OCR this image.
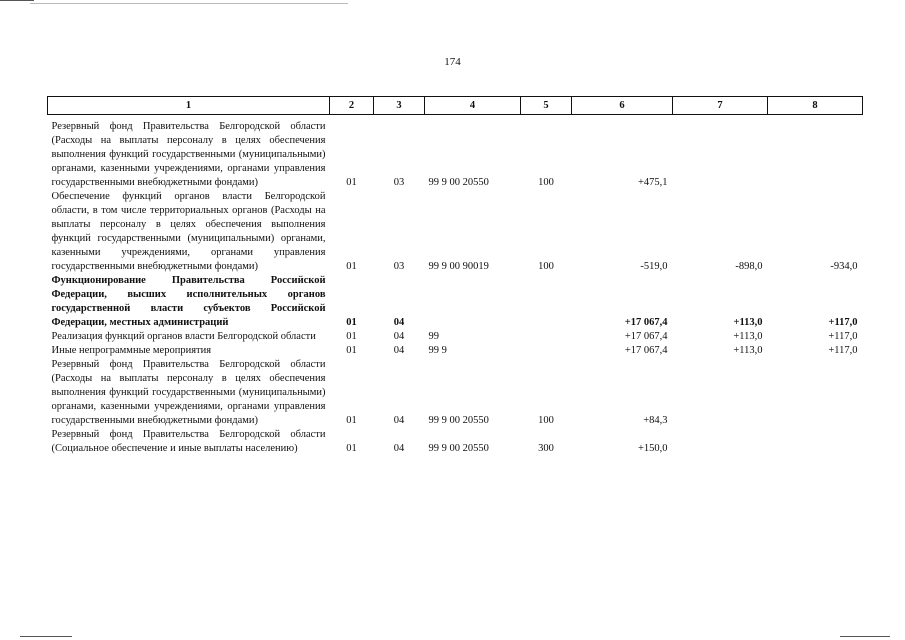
174
1	2	3	4	5	6	7	8

Резервный фонд Правительства Белгородской области (Расходы на выплаты персоналу в целях обеспечения выполнения функций государственными (муниципальными) органами, казенными учреждениями, органами управления государственными внебюджетными фондами)	01	03	99 9 00 20550	100	+475,1		
Обеспечение функций органов власти Белгородской области, в том числе территориальных органов (Расходы на выплаты персоналу в целях обеспечения выполнения функций государственными (муниципальными) органами, казенными учреждениями, органами управления государственными внебюджетными фондами)	01	03	99 9 00 90019	100	-519,0	-898,0	-934,0
Функционирование Правительства Российской Федерации, высших исполнительных органов государственной власти субъектов Российской Федерации, местных администраций	01	04			+17 067,4	+113,0	+117,0
Реализация функций органов власти Белгородской области	01	04	99		+17 067,4	+113,0	+117,0
Иные непрограммные мероприятия	01	04	99 9		+17 067,4	+113,0	+117,0
Резервный фонд Правительства Белгородской области (Расходы на выплаты персоналу в целях обеспечения выполнения функций государственными (муниципальными) органами, казенными учреждениями, органами управления государственными внебюджетными фондами)	01	04	99 9 00 20550	100	+84,3		
Резервный фонд Правительства Белгородской области (Социальное обеспечение и иные выплаты населению)	01	04	99 9 00 20550	300	+150,0		
